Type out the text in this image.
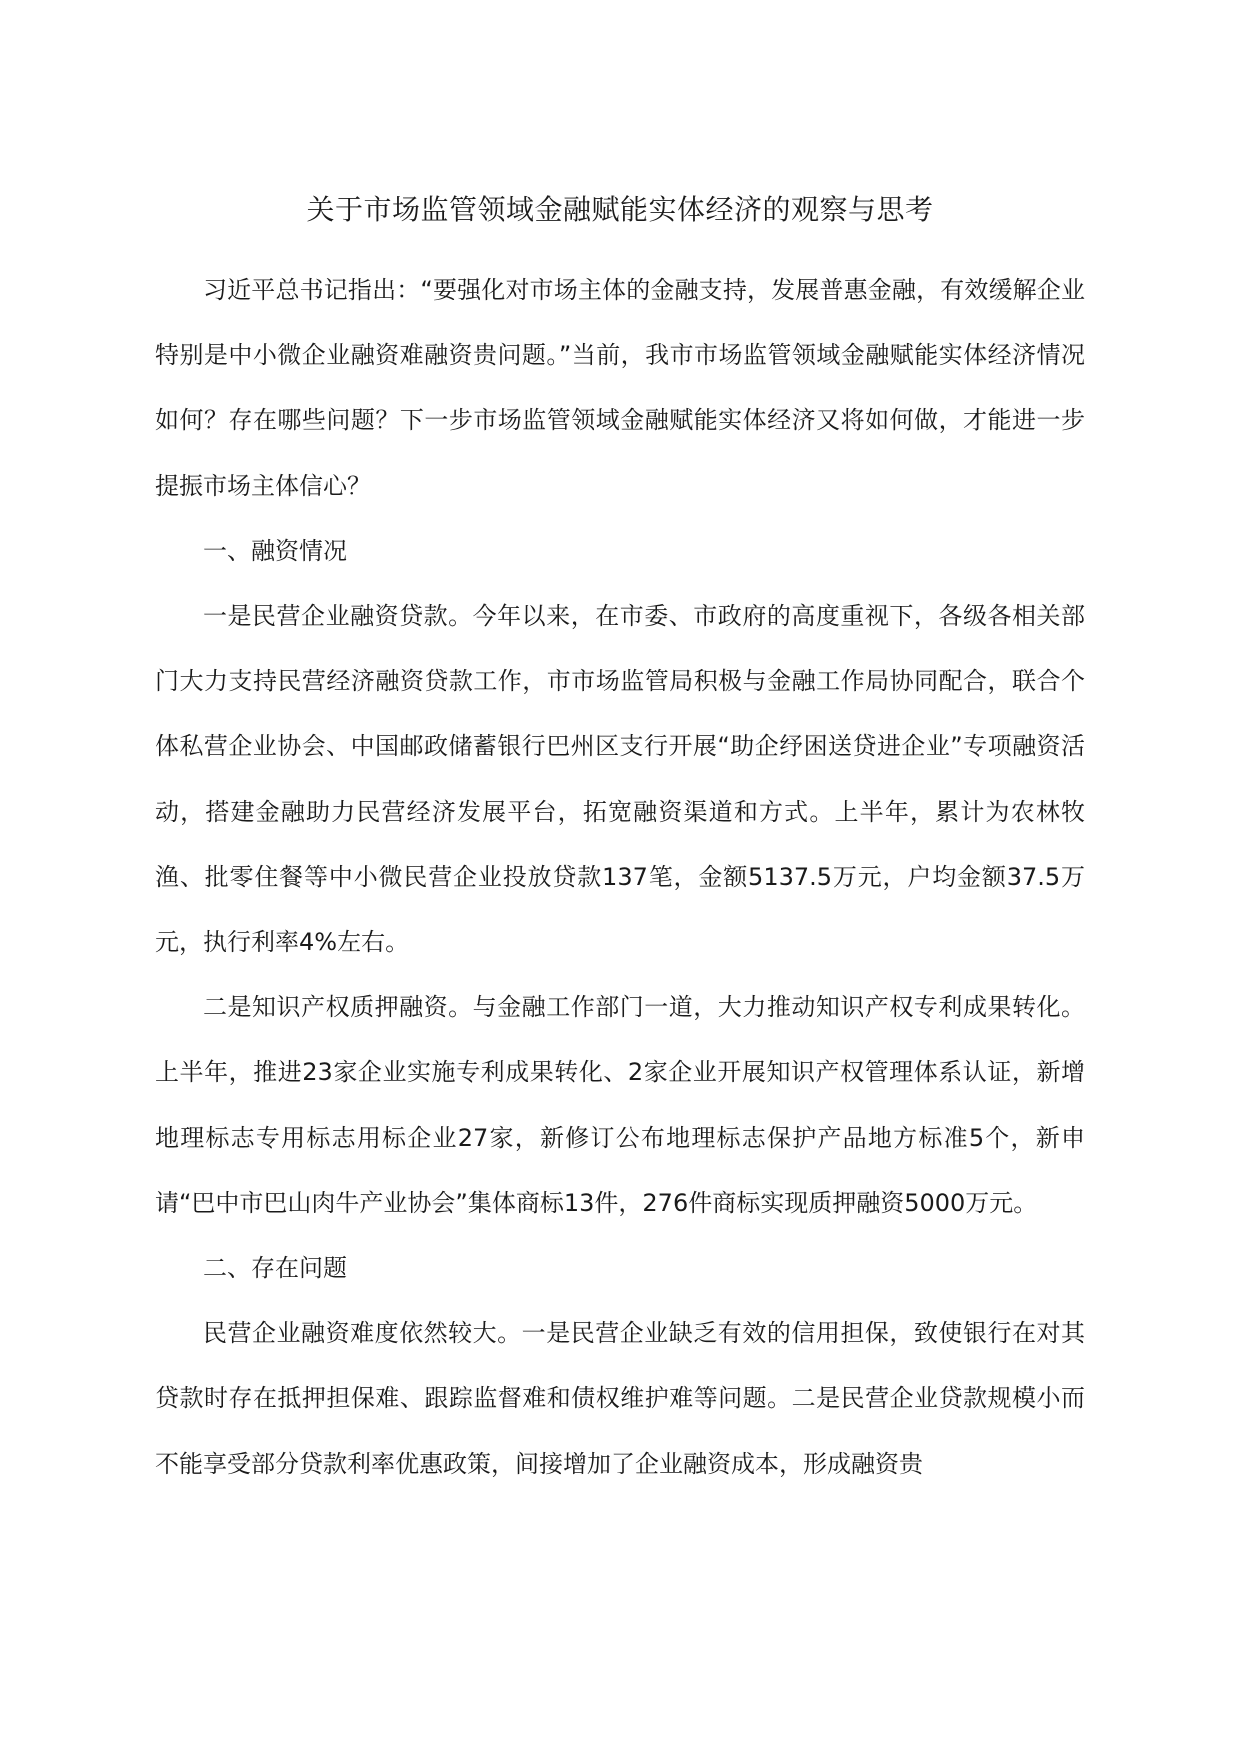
关于市场监管领域金融赋能实体经济的观察与思考

习近平总书记指出：“要强化对市场主体的金融支持，发展普惠金融，有效缓解企业特别是中小微企业融资难融资贵问题。”当前，我市市场监管领域金融赋能实体经济情况如何？存在哪些问题？下一步市场监管领域金融赋能实体经济又将如何做，才能进一步提振市场主体信心？

一、融资情况

一是民营企业融资贷款。今年以来，在市委、市政府的高度重视下，各级各相关部门大力支持民营经济融资贷款工作，市市场监管局积极与金融工作局协同配合，联合个体私营企业协会、中国邮政储蓄银行巴州区支行开展“助企纾困送贷进企业”专项融资活动，搭建金融助力民营经济发展平台，拓宽融资渠道和方式。上半年，累计为农林牧渔、批零住餐等中小微民营企业投放贷款137笔，金额5137.5万元，户均金额37.5万元，执行利率4%左右。

二是知识产权质押融资。与金融工作部门一道，大力推动知识产权专利成果转化。上半年，推进23家企业实施专利成果转化、2家企业开展知识产权管理体系认证，新增地理标志专用标志用标企业27家，新修订公布地理标志保护产品地方标准5个，新申请“巴中市巴山肉牛产业协会”集体商标13件，276件商标实现质押融资5000万元。

二、存在问题

民营企业融资难度依然较大。一是民营企业缺乏有效的信用担保，致使银行在对其贷款时存在抵押担保难、跟踪监督难和债权维护难等问题。二是民营企业贷款规模小而不能享受部分贷款利率优惠政策，间接增加了企业融资成本，形成融资贵
